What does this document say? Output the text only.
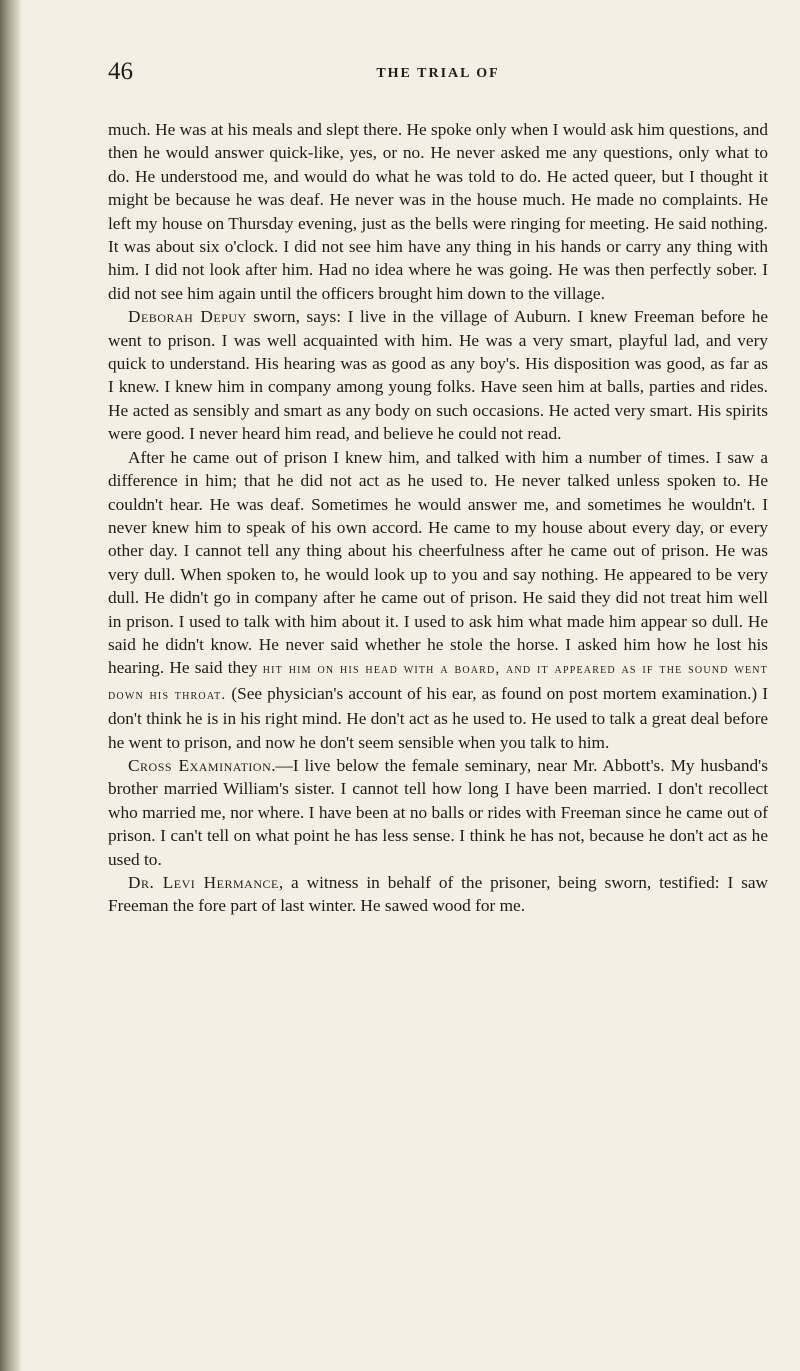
46	THE TRIAL OF

much. He was at his meals and slept there. He spoke only when I would ask him questions, and then he would answer quick-like, yes, or no. He never asked me any questions, only what to do. He understood me, and would do what he was told to do. He acted queer, but I thought it might be because he was deaf. He never was in the house much. He made no complaints. He left my house on Thursday evening, just as the bells were ringing for meeting. He said nothing. It was about six o'clock. I did not see him have any thing in his hands or carry any thing with him. I did not look after him. Had no idea where he was going. He was then perfectly sober. I did not see him again until the officers brought him down to the village.

Deborah Depuy sworn, says: I live in the village of Auburn. I knew Freeman before he went to prison. I was well acquainted with him. He was a very smart, playful lad, and very quick to understand. His hearing was as good as any boy's. His disposition was good, as far as I knew. I knew him in company among young folks. Have seen him at balls, parties and rides. He acted as sensibly and smart as any body on such occasions. He acted very smart. His spirits were good. I never heard him read, and believe he could not read.

After he came out of prison I knew him, and talked with him a number of times. I saw a difference in him; that he did not act as he used to. He never talked unless spoken to. He couldn't hear. He was deaf. Sometimes he would answer me, and sometimes he wouldn't. I never knew him to speak of his own accord. He came to my house about every day, or every other day. I cannot tell any thing about his cheerfulness after he came out of prison. He was very dull. When spoken to, he would look up to you and say nothing. He appeared to be very dull. He didn't go in company after he came out of prison. He said they did not treat him well in prison. I used to talk with him about it. I used to ask him what made him appear so dull. He said he didn't know. He never said whether he stole the horse. I asked him how he lost his hearing. He said they hit him on his head with a board, and it appeared as if the sound went down his throat. (See physician's account of his ear, as found on post mortem examination.) I don't think he is in his right mind. He don't act as he used to. He used to talk a great deal before he went to prison, and now he don't seem sensible when you talk to him.

Cross Examination.—I live below the female seminary, near Mr. Abbott's. My husband's brother married William's sister. I cannot tell how long I have been married. I don't recollect who married me, nor where. I have been at no balls or rides with Freeman since he came out of prison. I can't tell on what point he has less sense. I think he has not, because he don't act as he used to.

Dr. Levi Hermance, a witness in behalf of the prisoner, being sworn, testified: I saw Freeman the fore part of last winter. He sawed wood for me.
